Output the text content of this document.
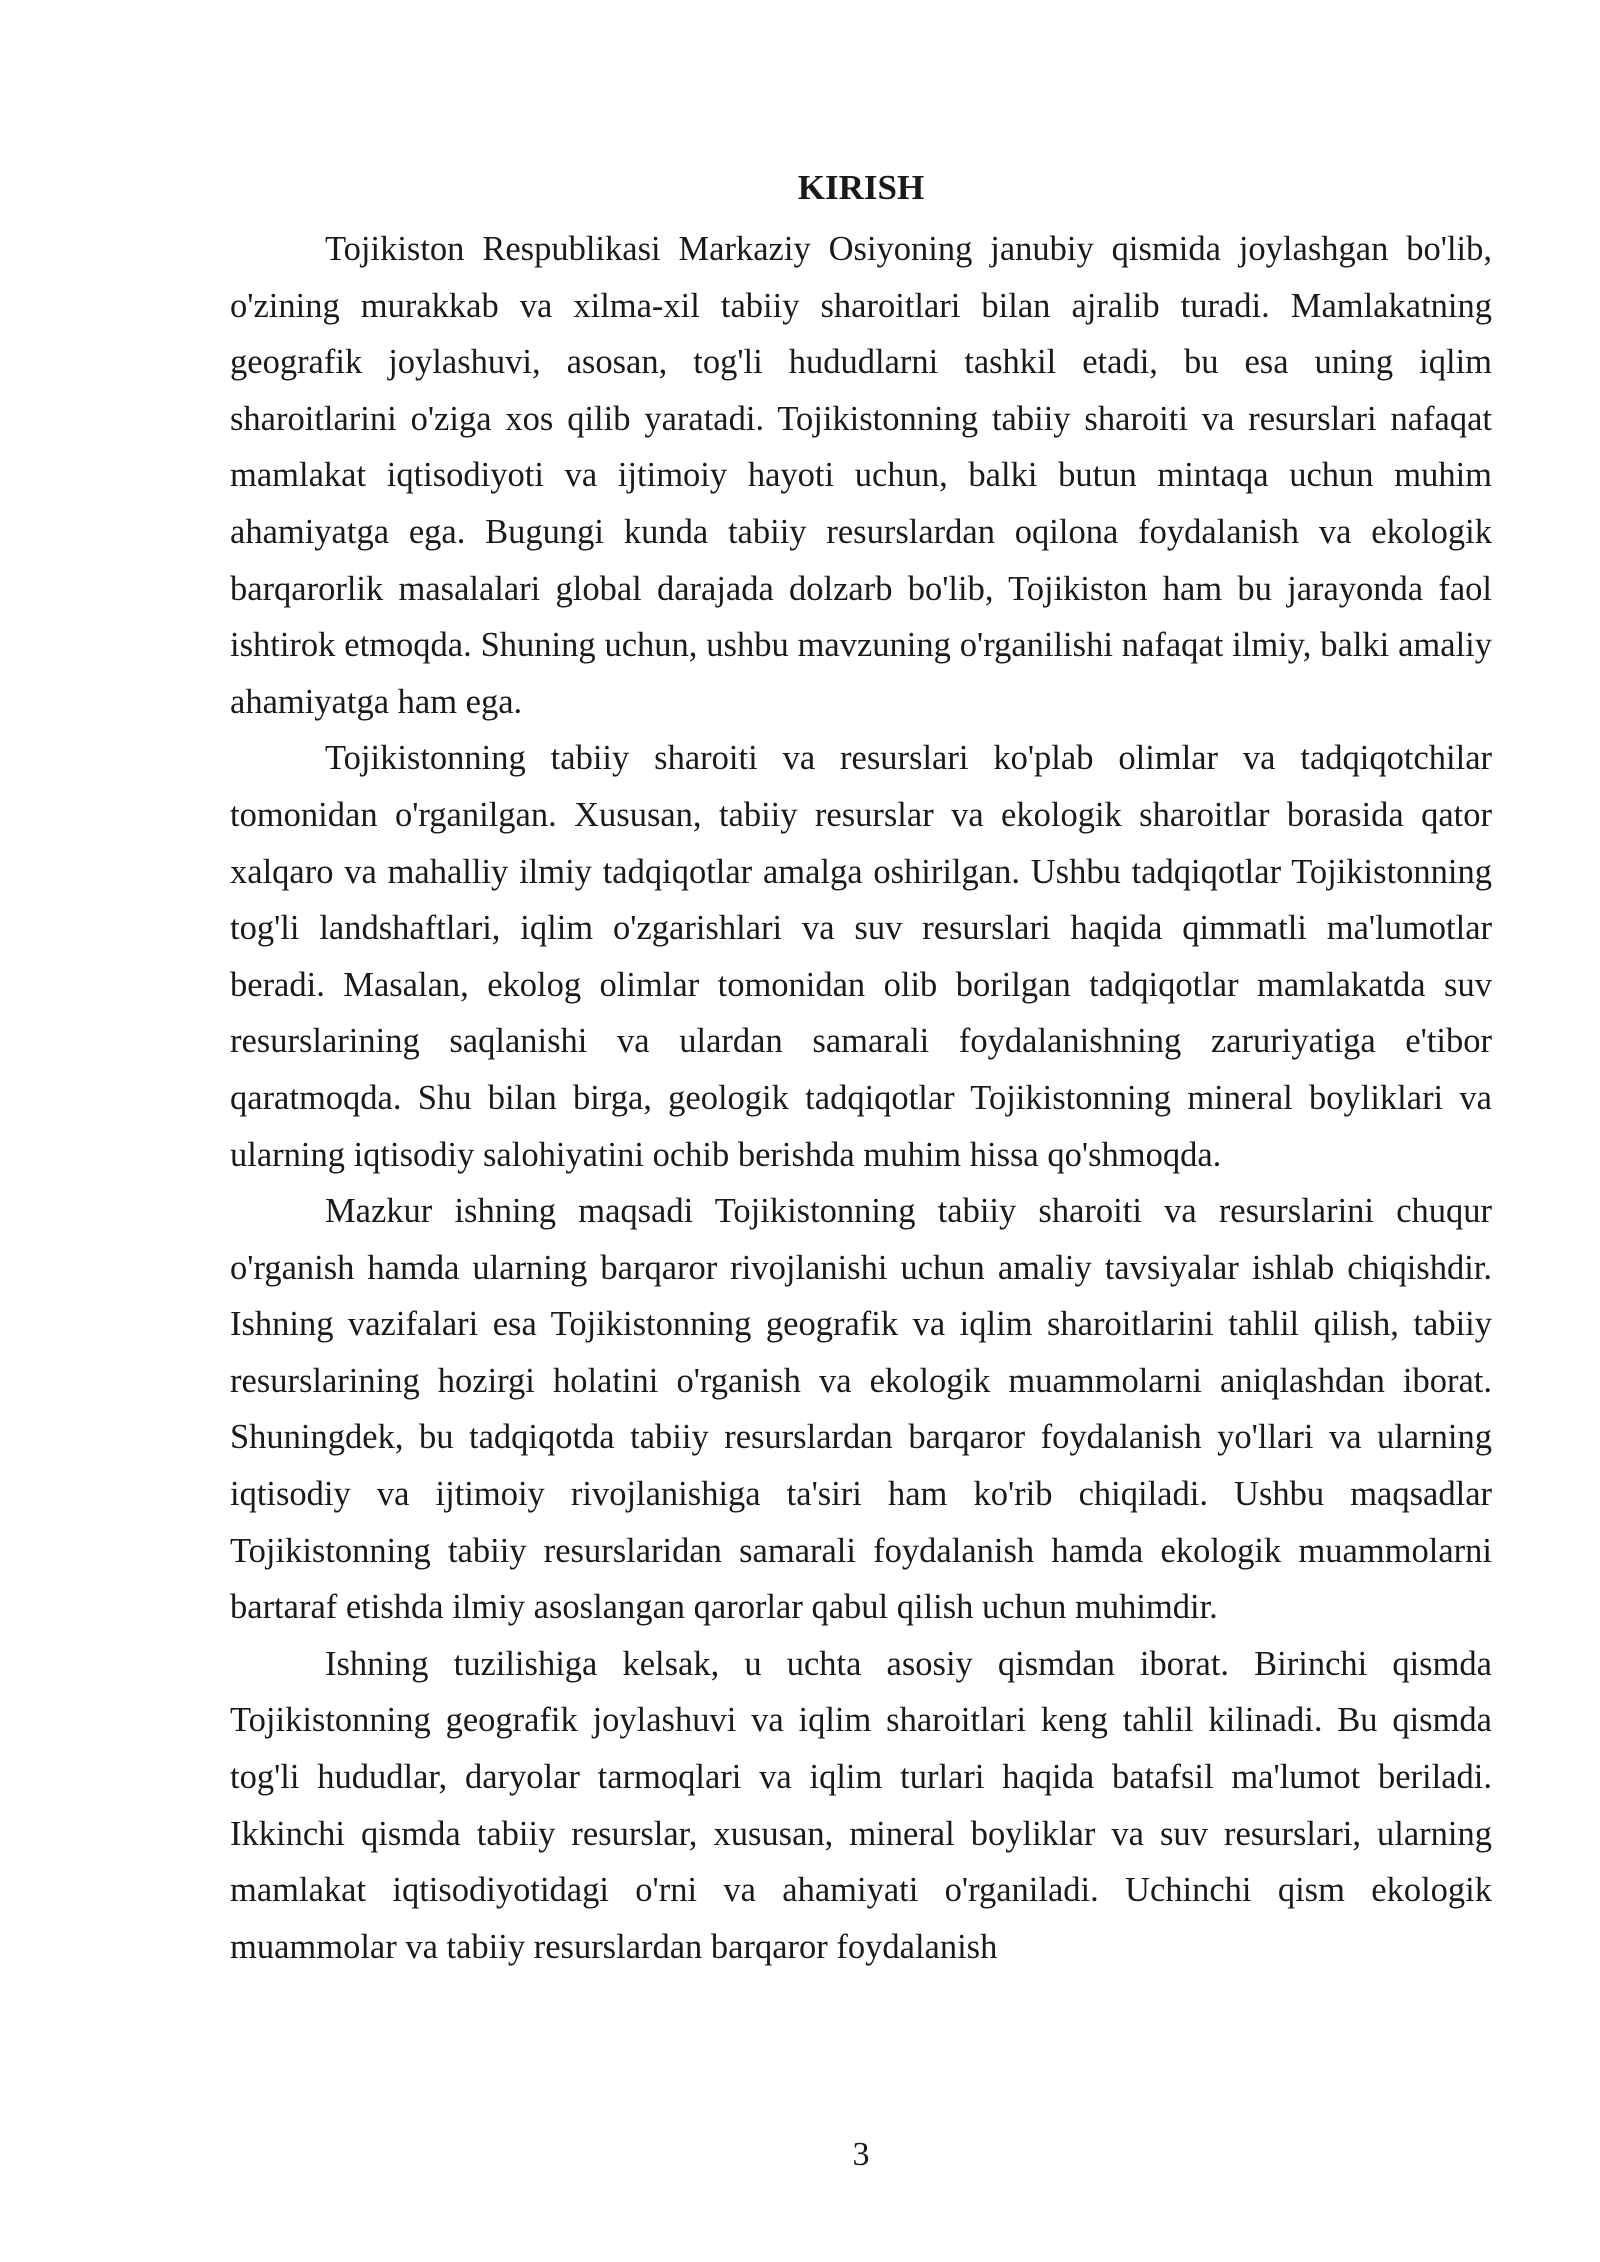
KIRISH

Tojikiston Respublikasi Markaziy Osiyoning janubiy qismida joylashgan bo'lib, o'zining murakkab va xilma-xil tabiiy sharoitlari bilan ajralib turadi. Mamlakatning geografik joylashuvi, asosan, tog'li hududlarni tashkil etadi, bu esa uning iqlim sharoitlarini o'ziga xos qilib yaratadi. Tojikistonning tabiiy sharoiti va resurslari nafaqat mamlakat iqtisodiyoti va ijtimoiy hayoti uchun, balki butun mintaqa uchun muhim ahamiyatga ega. Bugungi kunda tabiiy resurslardan oqilona foydalanish va ekologik barqarorlik masalalari global darajada dolzarb bo'lib, Tojikiston ham bu jarayonda faol ishtirok etmoqda. Shuning uchun, ushbu mavzuning o'rganilishi nafaqat ilmiy, balki amaliy ahamiyatga ham ega.

Tojikistonning tabiiy sharoiti va resurslari ko'plab olimlar va tadqiqotchilar tomonidan o'rganilgan. Xususan, tabiiy resurslar va ekologik sharoitlar borasida qator xalqaro va mahalliy ilmiy tadqiqotlar amalga oshirilgan. Ushbu tadqiqotlar Tojikistonning tog'li landshaftlari, iqlim o'zgarishlari va suv resurslari haqida qimmatli ma'lumotlar beradi. Masalan, ekolog olimlar tomonidan olib borilgan tadqiqotlar mamlakatda suv resurslarining saqlanishi va ulardan samarali foydalanishning zaruriyatiga e'tibor qaratmoqda. Shu bilan birga, geologik tadqiqotlar Tojikistonning mineral boyliklari va ularning iqtisodiy salohiyatini ochib berishda muhim hissa qo'shmoqda.

Mazkur ishning maqsadi Tojikistonning tabiiy sharoiti va resurslarini chuqur o'rganish hamda ularning barqaror rivojlanishi uchun amaliy tavsiyalar ishlab chiqishdir. Ishning vazifalari esa Tojikistonning geografik va iqlim sharoitlarini tahlil qilish, tabiiy resurslarining hozirgi holatini o'rganish va ekologik muammolarni aniqlashdan iborat. Shuningdek, bu tadqiqotda tabiiy resurslardan barqaror foydalanish yo'llari va ularning iqtisodiy va ijtimoiy rivojlanishiga ta'siri ham ko'rib chiqiladi. Ushbu maqsadlar Tojikistonning tabiiy resurslaridan samarali foydalanish hamda ekologik muammolarni bartaraf etishda ilmiy asoslangan qarorlar qabul qilish uchun muhimdir.

Ishning tuzilishiga kelsak, u uchta asosiy qismdan iborat. Birinchi qismda Tojikistonning geografik joylashuvi va iqlim sharoitlari keng tahlil kilinadi. Bu qismda tog'li hududlar, daryolar tarmoqlari va iqlim turlari haqida batafsil ma'lumot beriladi. Ikkinchi qismda tabiiy resurslar, xususan, mineral boyliklar va suv resurslari, ularning mamlakat iqtisodiyotidagi o'rni va ahamiyati o'rganiladi. Uchinchi qism ekologik muammolar va tabiiy resurslardan barqaror foydalanish

3
